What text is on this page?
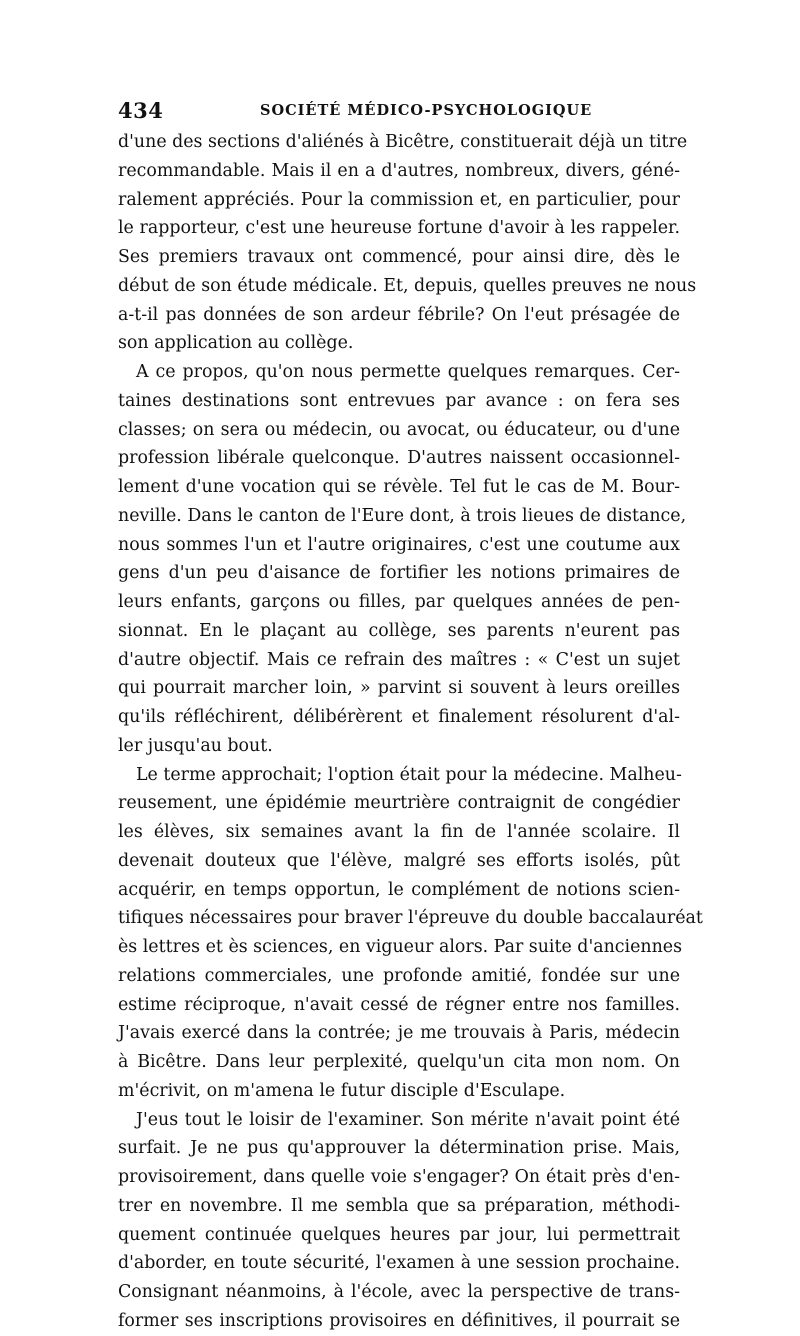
434	SOCIÉTÉ MÉDICO-PSYCHOLOGIQUE
d'une des sections d'aliénés à Bicêtre, constituerait déjà un titre
recommandable. Mais il en a d'autres, nombreux, divers, géné-
ralement appréciés. Pour la commission et, en particulier, pour
le rapporteur, c'est une heureuse fortune d'avoir à les rappeler.
Ses premiers travaux ont commencé, pour ainsi dire, dès le
début de son étude médicale. Et, depuis, quelles preuves ne nous
a-t-il pas données de son ardeur fébrile? On l'eut présagée de
son application au collège.
A ce propos, qu'on nous permette quelques remarques. Cer-
taines destinations sont entrevues par avance : on fera ses
classes; on sera ou médecin, ou avocat, ou éducateur, ou d'une
profession libérale quelconque. D'autres naissent occasionnel-
lement d'une vocation qui se révèle. Tel fut le cas de M. Bour-
neville. Dans le canton de l'Eure dont, à trois lieues de distance,
nous sommes l'un et l'autre originaires, c'est une coutume aux
gens d'un peu d'aisance de fortifier les notions primaires de
leurs enfants, garçons ou filles, par quelques années de pen-
sionnat. En le plaçant au collège, ses parents n'eurent pas
d'autre objectif. Mais ce refrain des maîtres : « C'est un sujet
qui pourrait marcher loin, » parvint si souvent à leurs oreilles
qu'ils réfléchirent, délibérèrent et finalement résolurent d'al-
ler jusqu'au bout.
Le terme approchait; l'option était pour la médecine. Malheu-
reusement, une épidémie meurtrière contraignit de congédier
les élèves, six semaines avant la fin de l'année scolaire. Il
devenait douteux que l'élève, malgré ses efforts isolés, pût
acquérir, en temps opportun, le complément de notions scien-
tifiques nécessaires pour braver l'épreuve du double baccalauréat
ès lettres et ès sciences, en vigueur alors. Par suite d'anciennes
relations commerciales, une profonde amitié, fondée sur une
estime réciproque, n'avait cessé de régner entre nos familles.
J'avais exercé dans la contrée; je me trouvais à Paris, médecin
à Bicêtre. Dans leur perplexité, quelqu'un cita mon nom. On
m'écrivit, on m'amena le futur disciple d'Esculape.
J'eus tout le loisir de l'examiner. Son mérite n'avait point été
surfait. Je ne pus qu'approuver la détermination prise. Mais,
provisoirement, dans quelle voie s'engager? On était près d'en-
trer en novembre. Il me sembla que sa préparation, méthodi-
quement continuée quelques heures par jour, lui permettrait
d'aborder, en toute sécurité, l'examen à une session prochaine.
Consignant néanmoins, à l'école, avec la perspective de trans-
former ses inscriptions provisoires en définitives, il pourrait se
